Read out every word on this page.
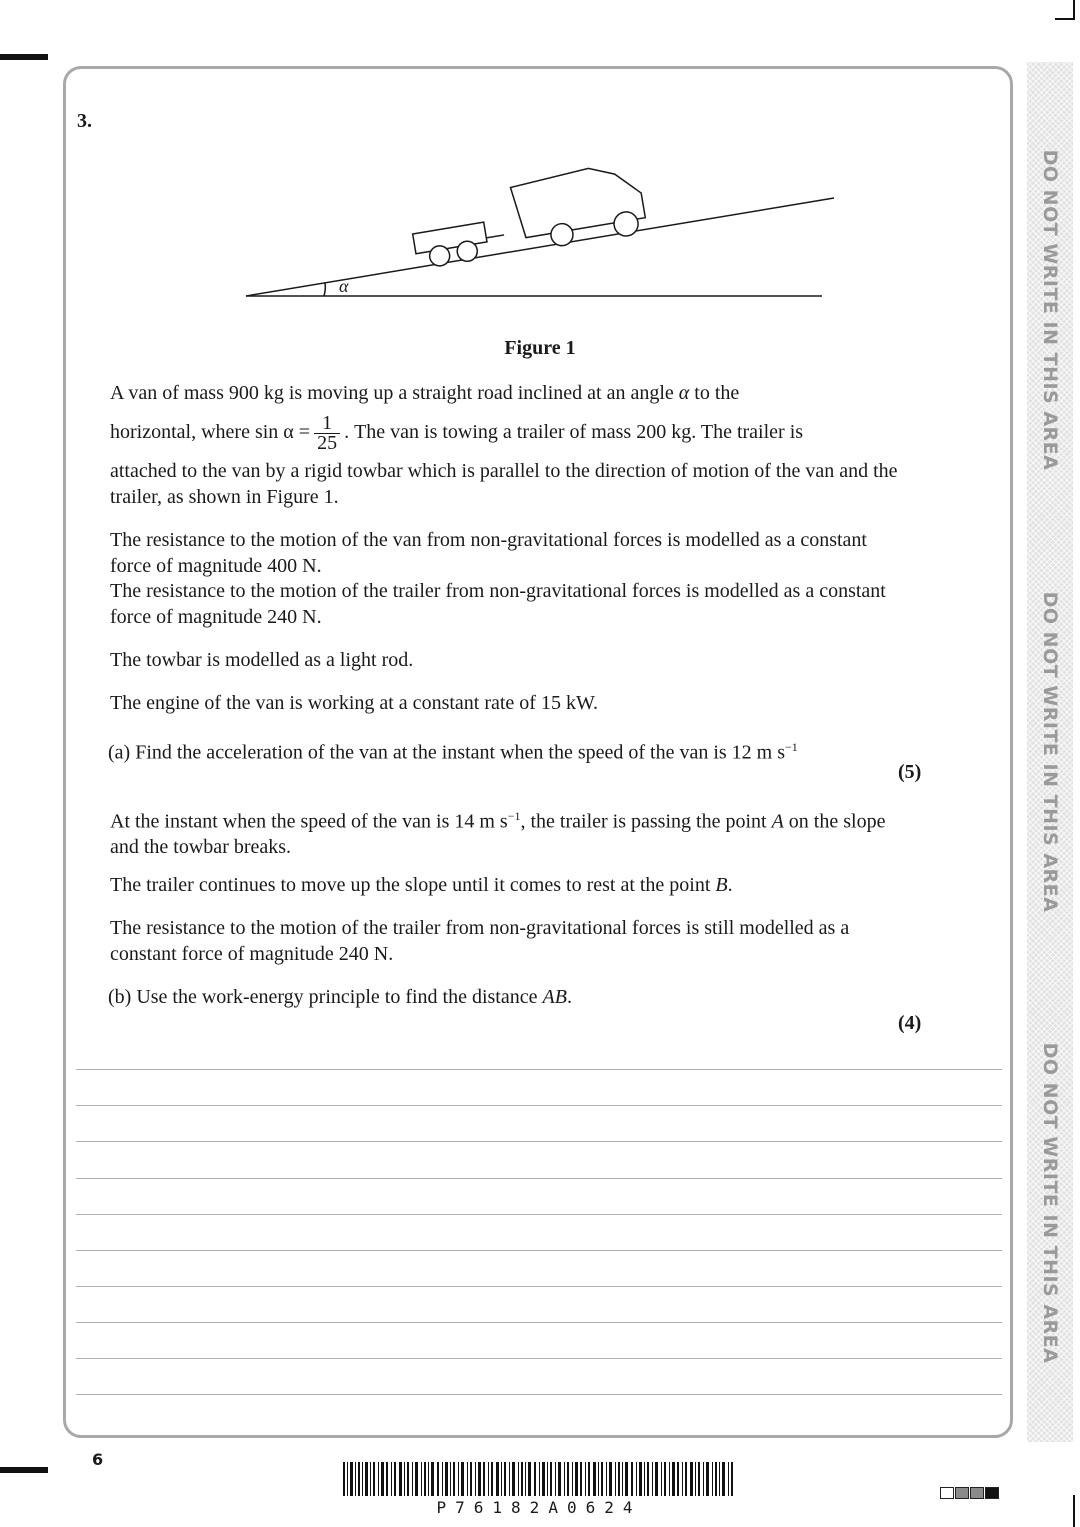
DO NOT WRITE IN THIS AREA
DO NOT WRITE IN THIS AREA
DO NOT WRITE IN THIS AREA
3.
α
Figure 1
A van of mass 900 kg is moving up a straight road inclined at an angle α to the
horizontal, where $\sin \alpha = \frac{1}{25}$ . The van is towing a trailer of mass 200 kg. The trailer is
attached to the van by a rigid towbar which is parallel to the direction of motion of the van and the trailer, as shown in Figure 1.
The resistance to the motion of the van from non-gravitational forces is modelled as a constant force of magnitude 400 N.
The resistance to the motion of the trailer from non-gravitational forces is modelled as a constant force of magnitude 240 N.
The towbar is modelled as a light rod.
The engine of the van is working at a constant rate of 15 kW.
(a) Find the acceleration of the van at the instant when the speed of the van is 12 m $s^{-1}$
(5)
At the instant when the speed of the van is 14 m $s^{-1}$, the trailer is passing the point A on the slope and the towbar breaks.
The trailer continues to move up the slope until it comes to rest at the point B.
The resistance to the motion of the trailer from non-gravitational forces is still modelled as a constant force of magnitude 240 N.
(b) Use the work-energy principle to find the distance AB.
(4)
6
P76182A0624
